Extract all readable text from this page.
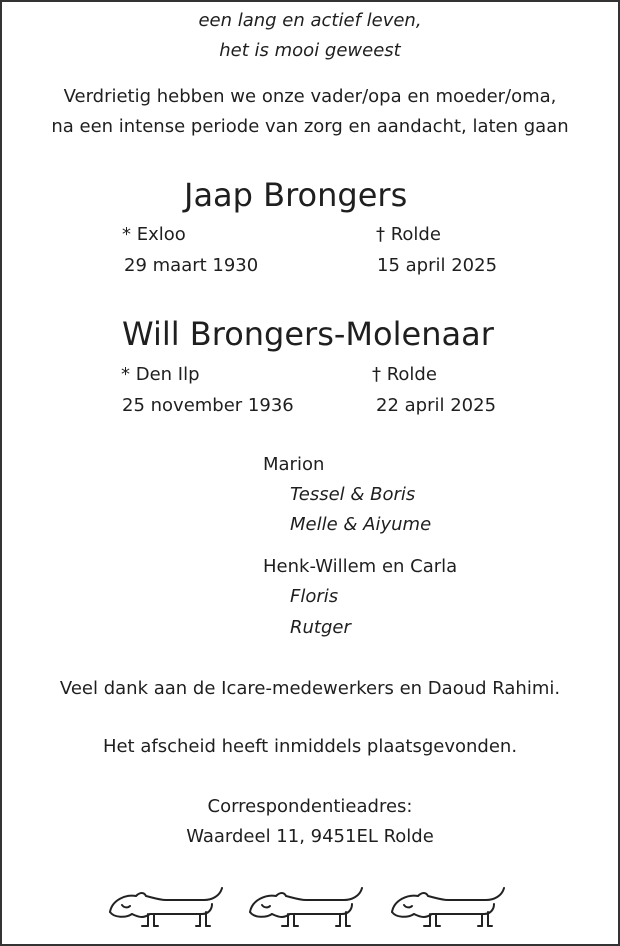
een lang en actief leven,
het is mooi geweest
Verdrietig hebben we onze vader/opa en moeder/oma,
na een intense periode van zorg en aandacht, laten gaan
Jaap Brongers
* Exloo	† Rolde
29 maart 1930	15 april 2025
Will Brongers-Molenaar
* Den Ilp	† Rolde
25 november 1936	22 april 2025
Marion
Tessel & Boris
Melle & Aiyume
Henk-Willem en Carla
Floris
Rutger
Veel dank aan de Icare-medewerkers en Daoud Rahimi.
Het afscheid heeft inmiddels plaatsgevonden.
Correspondentieadres:
Waardeel 11, 9451EL Rolde
